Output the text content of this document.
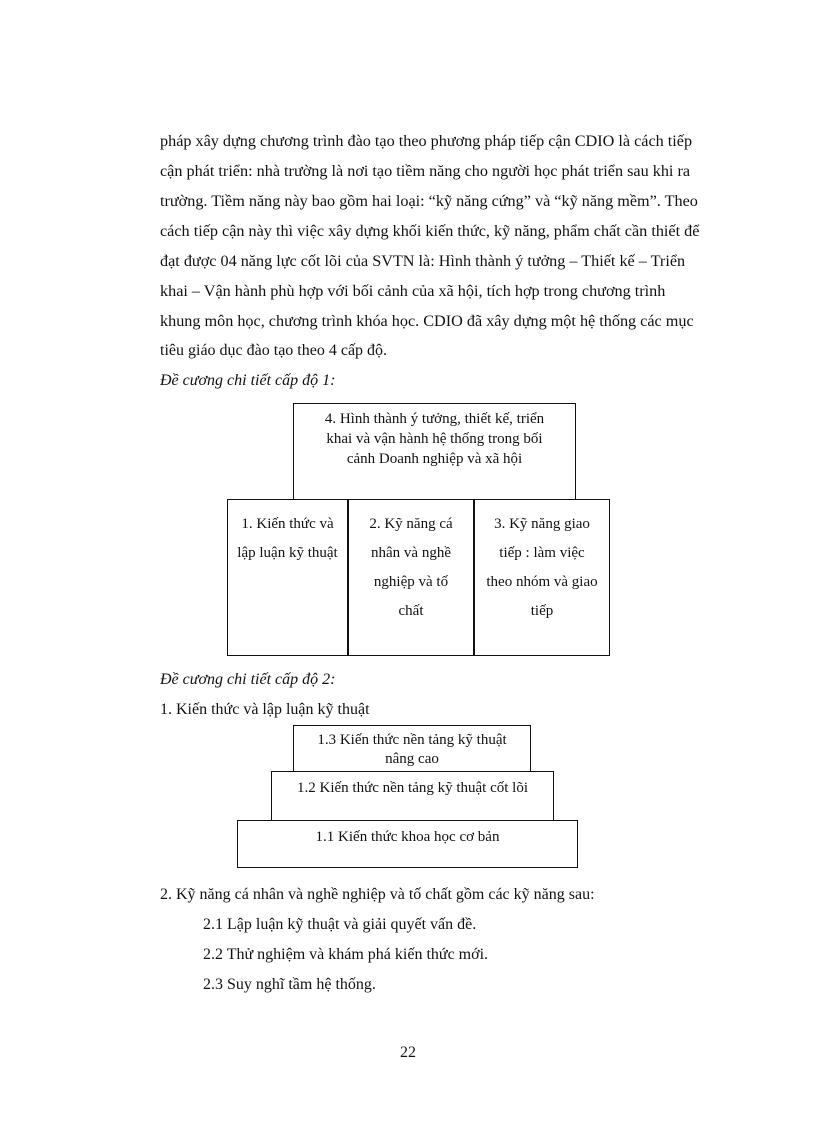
pháp xây dựng chương trình đào tạo theo phương pháp tiếp cận CDIO là cách tiếp
cận phát triển: nhà trường là nơi tạo tiềm năng cho người học phát triển sau khi ra
trường. Tiềm năng này bao gồm hai loại: “kỹ năng cứng” và “kỹ năng mềm”. Theo
cách tiếp cận này thì việc xây dựng khối kiến thức, kỹ năng, phẩm chất cần thiết để
đạt được 04 năng lực cốt lõi của SVTN là: Hình thành ý tưởng – Thiết kế – Triển
khai – Vận hành phù hợp với bối cảnh của xã hội, tích hợp trong chương trình
khung môn học, chương trình khóa học. CDIO đã xây dựng một hệ thống các mục
tiêu giáo dục đào tạo theo 4 cấp độ.
Đề cương chi tiết cấp độ 1:
4. Hình thành ý tưởng, thiết kế, triển
khai và vận hành hệ thống trong bối
cảnh Doanh nghiệp và xã hội
1. Kiến thức và
lập luận kỹ thuật
2. Kỹ năng cá
nhân và nghề
nghiệp và tố
chất
3. Kỹ năng giao
tiếp : làm việc
theo nhóm và giao
tiếp
Đề cương chi tiết cấp độ 2:
1. Kiến thức và lập luận kỹ thuật
1.3 Kiến thức nền tảng kỹ thuật
nâng cao
1.2 Kiến thức nền tảng kỹ thuật cốt lõi
1.1 Kiến thức khoa học cơ bản
2. Kỹ năng cá nhân và nghề nghiệp và tố chất gồm các kỹ năng sau:
2.1 Lập luận kỹ thuật và giải quyết vấn đề.
2.2 Thử nghiệm và khám phá kiến thức mới.
2.3 Suy nghĩ tầm hệ thống.
22
